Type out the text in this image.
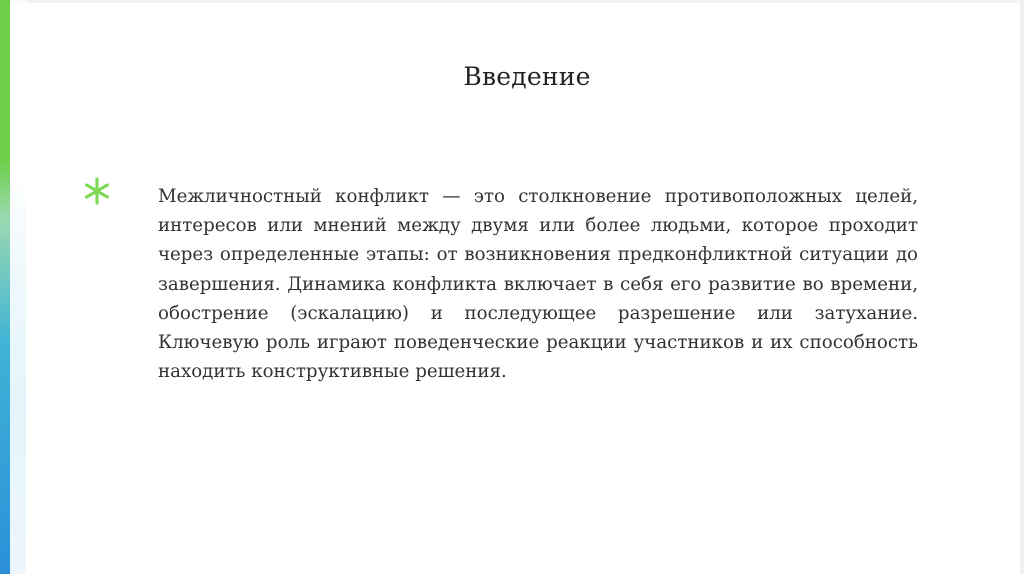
Введение
Межличностный конфликт — это столкновение противоположных целей, интересов или мнений между двумя или более людьми, которое проходит через определенные этапы: от возникновения предконфликтной ситуации до завершения. Динамика конфликта включает в себя его развитие во времени, обострение (эскалацию) и последующее разрешение или затухание. Ключевую роль играют поведенческие реакции участников и их способность находить конструктивные решения.
